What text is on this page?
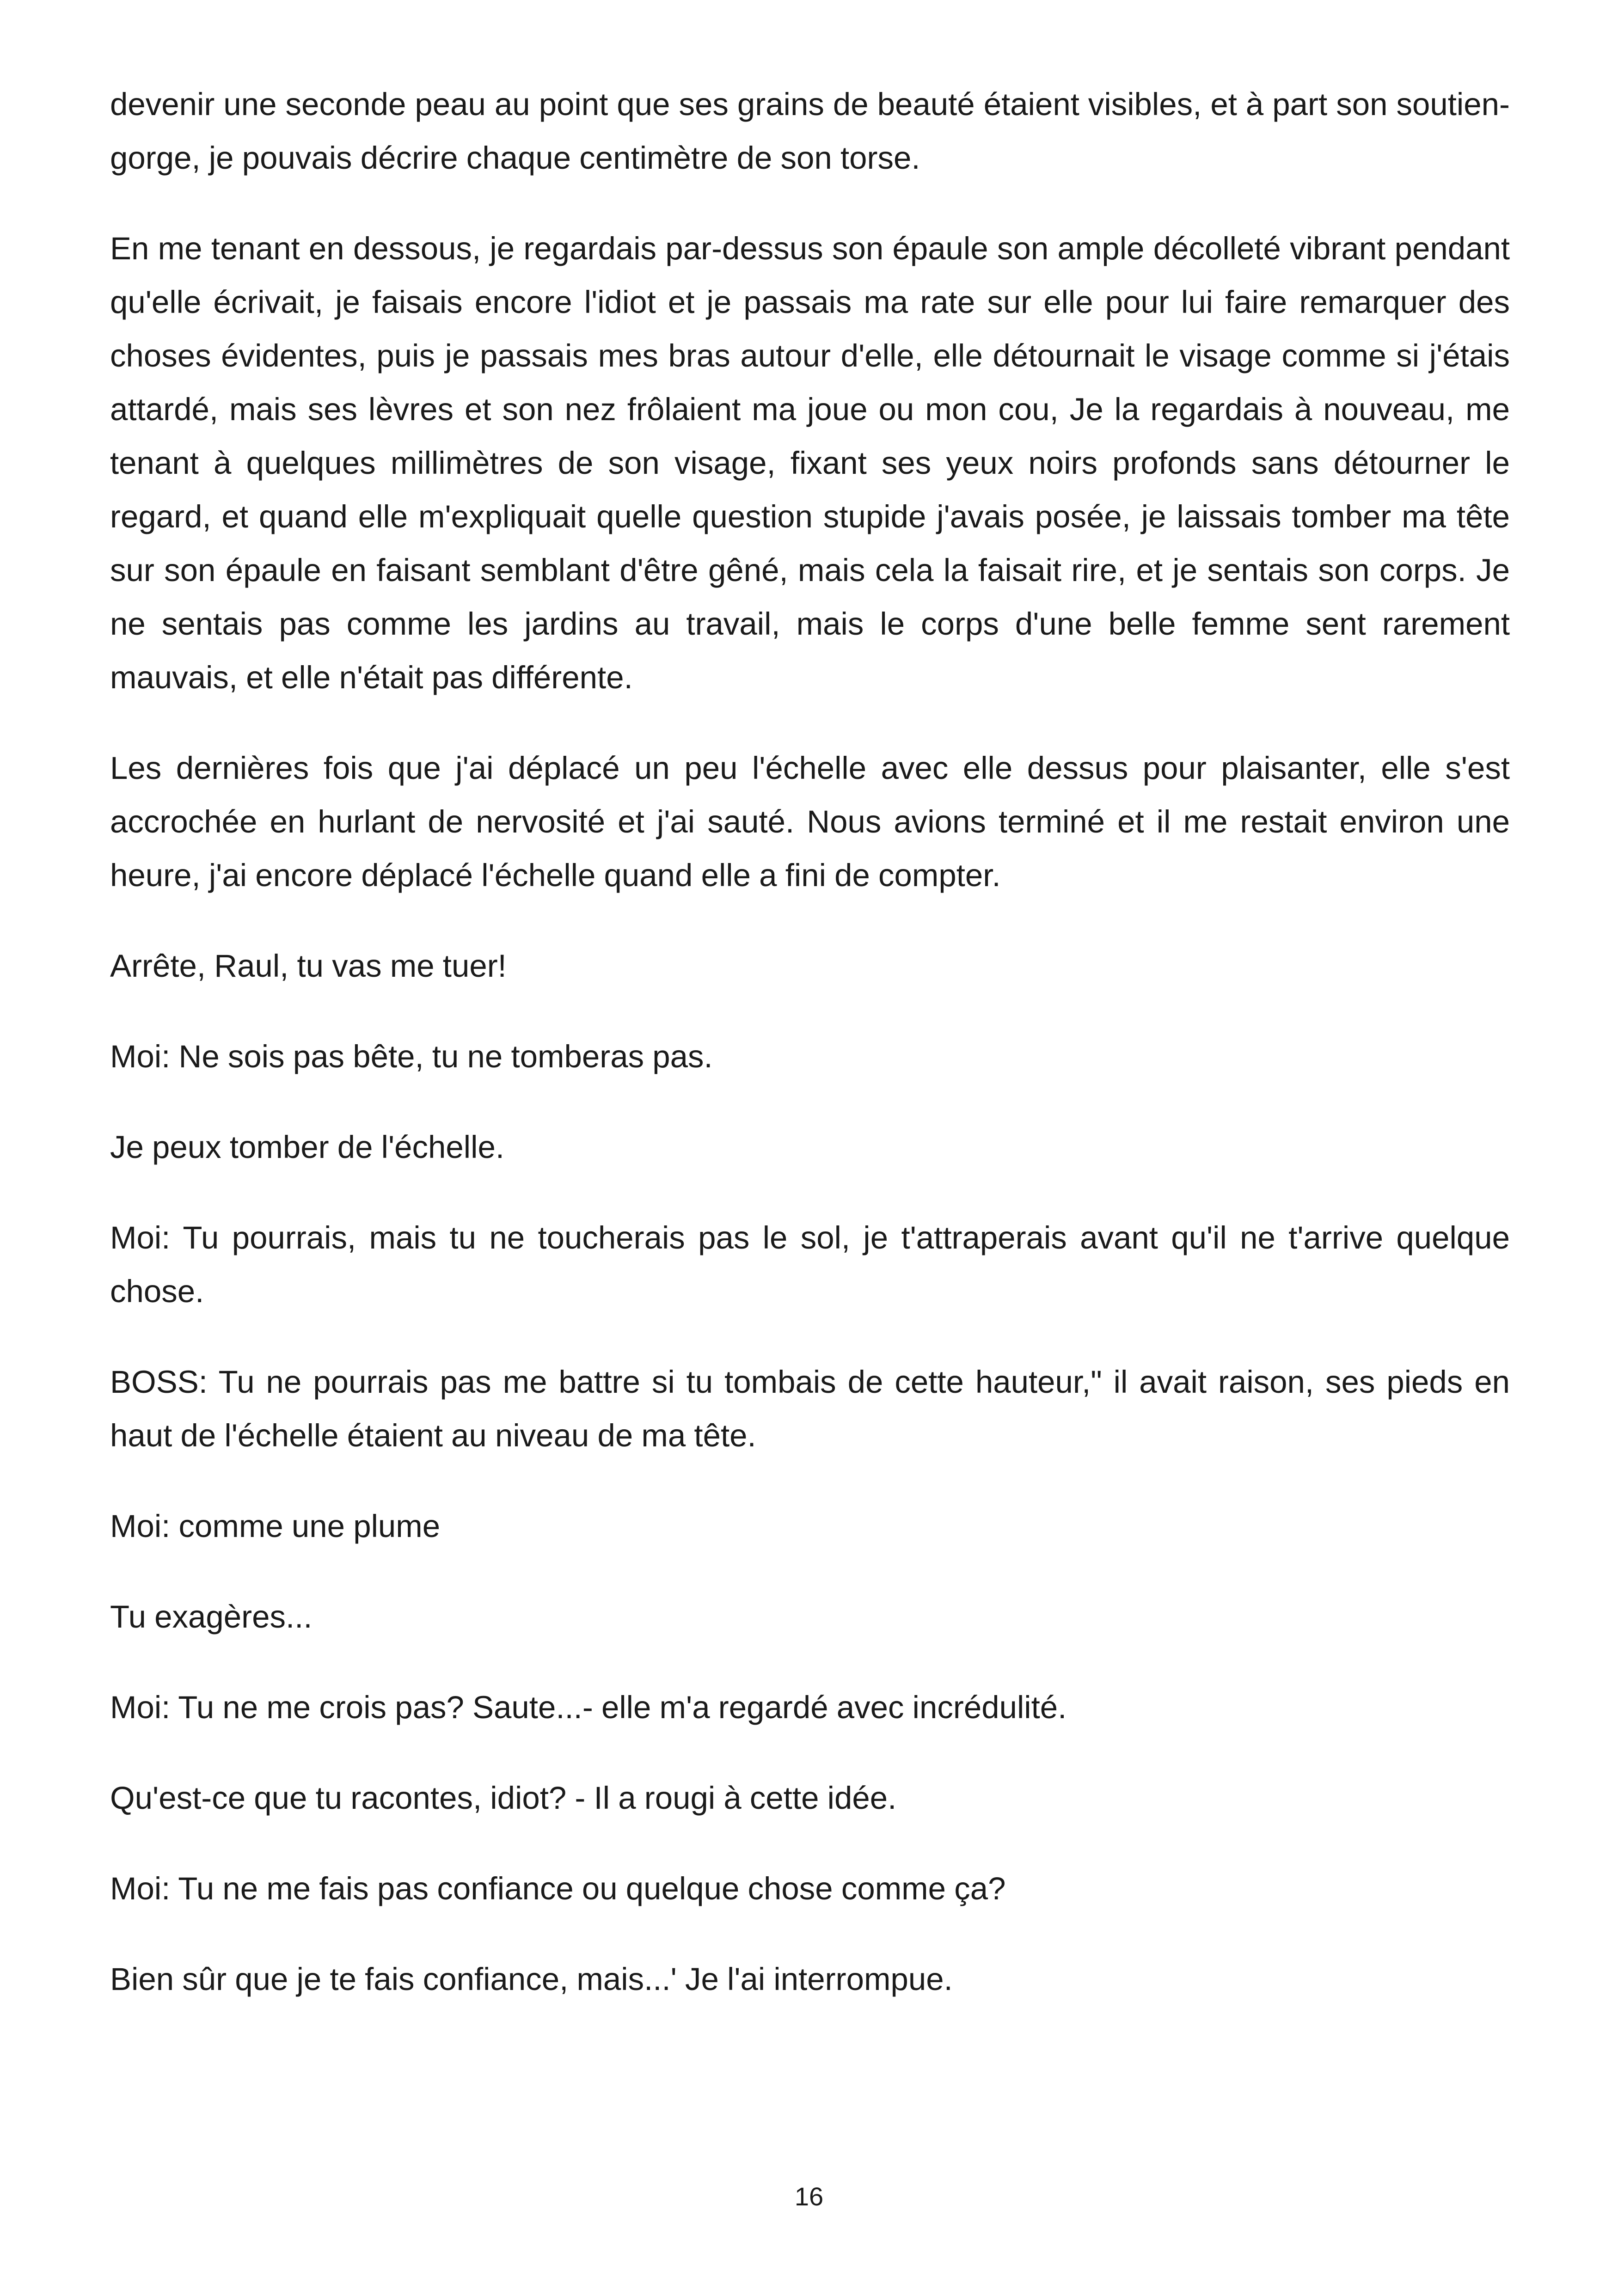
devenir une seconde peau au point que ses grains de beauté étaient visibles, et à part son soutien-gorge, je pouvais décrire chaque centimètre de son torse.

En me tenant en dessous, je regardais par-dessus son épaule son ample décolleté vibrant pendant qu'elle écrivait, je faisais encore l'idiot et je passais ma rate sur elle pour lui faire remarquer des choses évidentes, puis je passais mes bras autour d'elle, elle détournait le visage comme si j'étais attardé, mais ses lèvres et son nez frôlaient ma joue ou mon cou, Je la regardais à nouveau, me tenant à quelques millimètres de son visage, fixant ses yeux noirs profonds sans détourner le regard, et quand elle m'expliquait quelle question stupide j'avais posée, je laissais tomber ma tête sur son épaule en faisant semblant d'être gêné, mais cela la faisait rire, et je sentais son corps. Je ne sentais pas comme les jardins au travail, mais le corps d'une belle femme sent rarement mauvais, et elle n'était pas différente.

Les dernières fois que j'ai déplacé un peu l'échelle avec elle dessus pour plaisanter, elle s'est accrochée en hurlant de nervosité et j'ai sauté. Nous avions terminé et il me restait environ une heure, j'ai encore déplacé l'échelle quand elle a fini de compter.

Arrête, Raul, tu vas me tuer!

Moi: Ne sois pas bête, tu ne tomberas pas.

Je peux tomber de l'échelle.

Moi: Tu pourrais, mais tu ne toucherais pas le sol, je t'attraperais avant qu'il ne t'arrive quelque chose.

BOSS: Tu ne pourrais pas me battre si tu tombais de cette hauteur," il avait raison, ses pieds en haut de l'échelle étaient au niveau de ma tête.

Moi: comme une plume

Tu exagères...

Moi: Tu ne me crois pas? Saute...- elle m'a regardé avec incrédulité.

Qu'est-ce que tu racontes, idiot? - Il a rougi à cette idée.

Moi: Tu ne me fais pas confiance ou quelque chose comme ça?

Bien sûr que je te fais confiance, mais...' Je l'ai interrompue.

16
